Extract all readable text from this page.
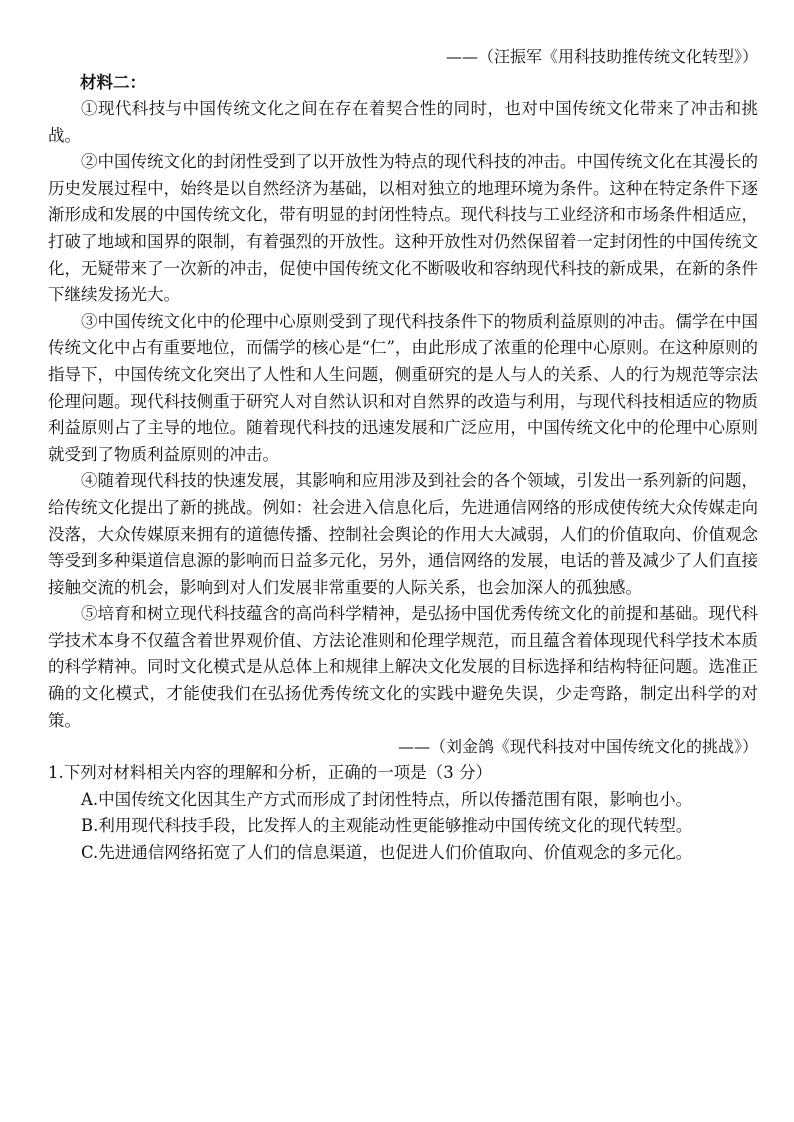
——（汪振军《用科技助推传统文化转型》）
材料二：

①现代科技与中国传统文化之间在存在着契合性的同时，也对中国传统文化带来了冲击和挑战。

②中国传统文化的封闭性受到了以开放性为特点的现代科技的冲击。中国传统文化在其漫长的历史发展过程中，始终是以自然经济为基础，以相对独立的地理环境为条件。这种在特定条件下逐渐形成和发展的中国传统文化，带有明显的封闭性特点。现代科技与工业经济和市场条件相适应，打破了地域和国界的限制，有着强烈的开放性。这种开放性对仍然保留着一定封闭性的中国传统文化，无疑带来了一次新的冲击，促使中国传统文化不断吸收和容纳现代科技的新成果，在新的条件下继续发扬光大。

③中国传统文化中的伦理中心原则受到了现代科技条件下的物质利益原则的冲击。儒学在中国传统文化中占有重要地位，而儒学的核心是“仁”，由此形成了浓重的伦理中心原则。在这种原则的指导下，中国传统文化突出了人性和人生问题，侧重研究的是人与人的关系、人的行为规范等宗法伦理问题。现代科技侧重于研究人对自然认识和对自然界的改造与利用，与现代科技相适应的物质利益原则占了主导的地位。随着现代科技的迅速发展和广泛应用，中国传统文化中的伦理中心原则就受到了物质利益原则的冲击。

④随着现代科技的快速发展，其影响和应用涉及到社会的各个领域，引发出一系列新的问题，给传统文化提出了新的挑战。例如：社会进入信息化后，先进通信网络的形成使传统大众传媒走向没落，大众传媒原来拥有的道德传播、控制社会舆论的作用大大减弱，人们的价值取向、价值观念等受到多种渠道信息源的影响而日益多元化，另外，通信网络的发展，电话的普及减少了人们直接接触交流的机会，影响到对人们发展非常重要的人际关系，也会加深人的孤独感。

⑤培育和树立现代科技蕴含的高尚科学精神，是弘扬中国优秀传统文化的前提和基础。现代科学技术本身不仅蕴含着世界观价值、方法论准则和伦理学规范，而且蕴含着体现现代科学技术本质的科学精神。同时文化模式是从总体上和规律上解决文化发展的目标选择和结构特征问题。选准正确的文化模式，才能使我们在弘扬优秀传统文化的实践中避免失误，少走弯路，制定出科学的对策。

——（刘金鸽《现代科技对中国传统文化的挑战》）

1.下列对材料相关内容的理解和分析，正确的一项是（3 分）

A.中国传统文化因其生产方式而形成了封闭性特点，所以传播范围有限，影响也小。

B.利用现代科技手段，比发挥人的主观能动性更能够推动中国传统文化的现代转型。

C.先进通信网络拓宽了人们的信息渠道，也促进人们价值取向、价值观念的多元化。
